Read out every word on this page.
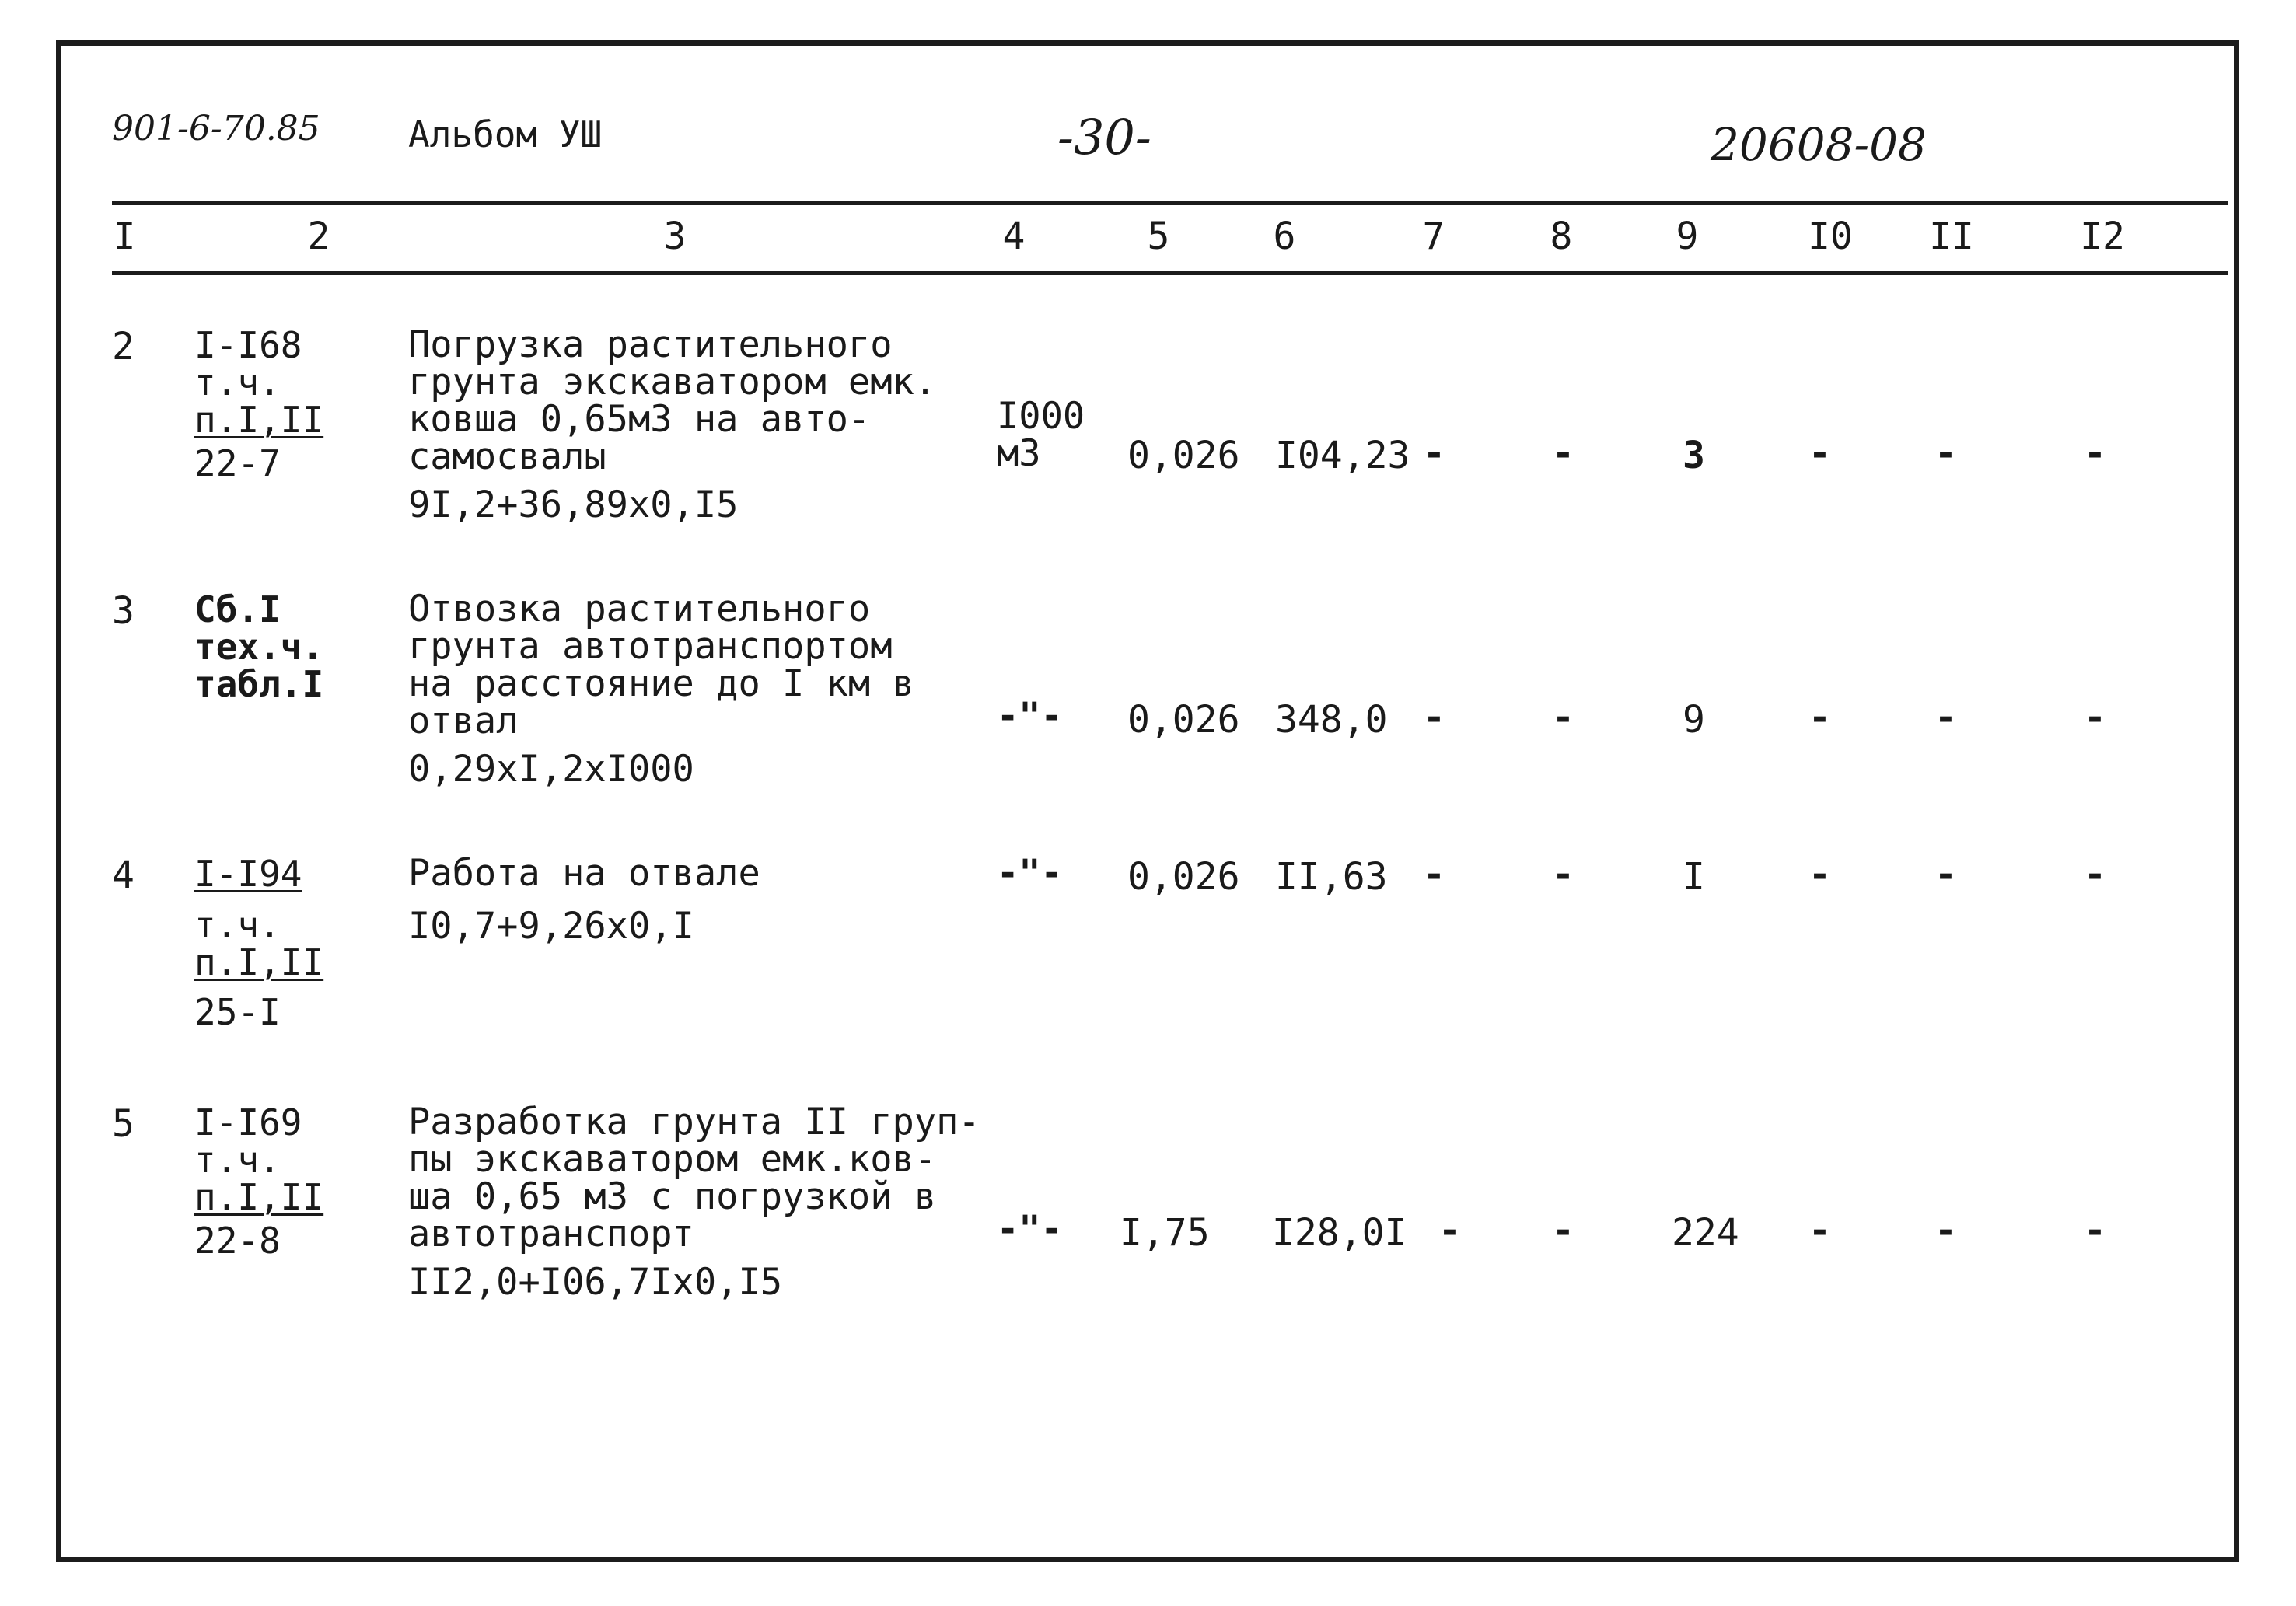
901-6-70.85 Альбом УШ	-30-	20608-08
I	2	3	4	5	6	7	8	9	I0	II	I2
2 I-I68
т.ч.
п.I,II
22-7
Погрузка растительного
грунта экскаватором емк.
ковша 0,65м3 на авто-
самосвалы
9I,2+36,89x0,I5
I000
м3	0,026 I04,23 -	-	3	-	-	-
3 Сб.I
тех.ч.
табл.I
Отвозка растительного
грунта автотранспортом
на расстояние до I км в
отвал
0,29xI,2xI000
-"- 0,026 348,0 -	-	9	-	-	-
4 I-I94
т.ч.
п.I,II
25-I
Работа на отвале
I0,7+9,26x0,I
-"- 0,026 II,63 -	-	I	-	-	-
5 I-I69
т.ч.
п.I,II
22-8
Разработка грунта II груп-
пы экскаватором емк.ков-
ша 0,65 м3 с погрузкой в
автотранспорт
II2,0+I06,7Ix0,I5
-"- I,75 I28,0I - -	224 -	-	-
